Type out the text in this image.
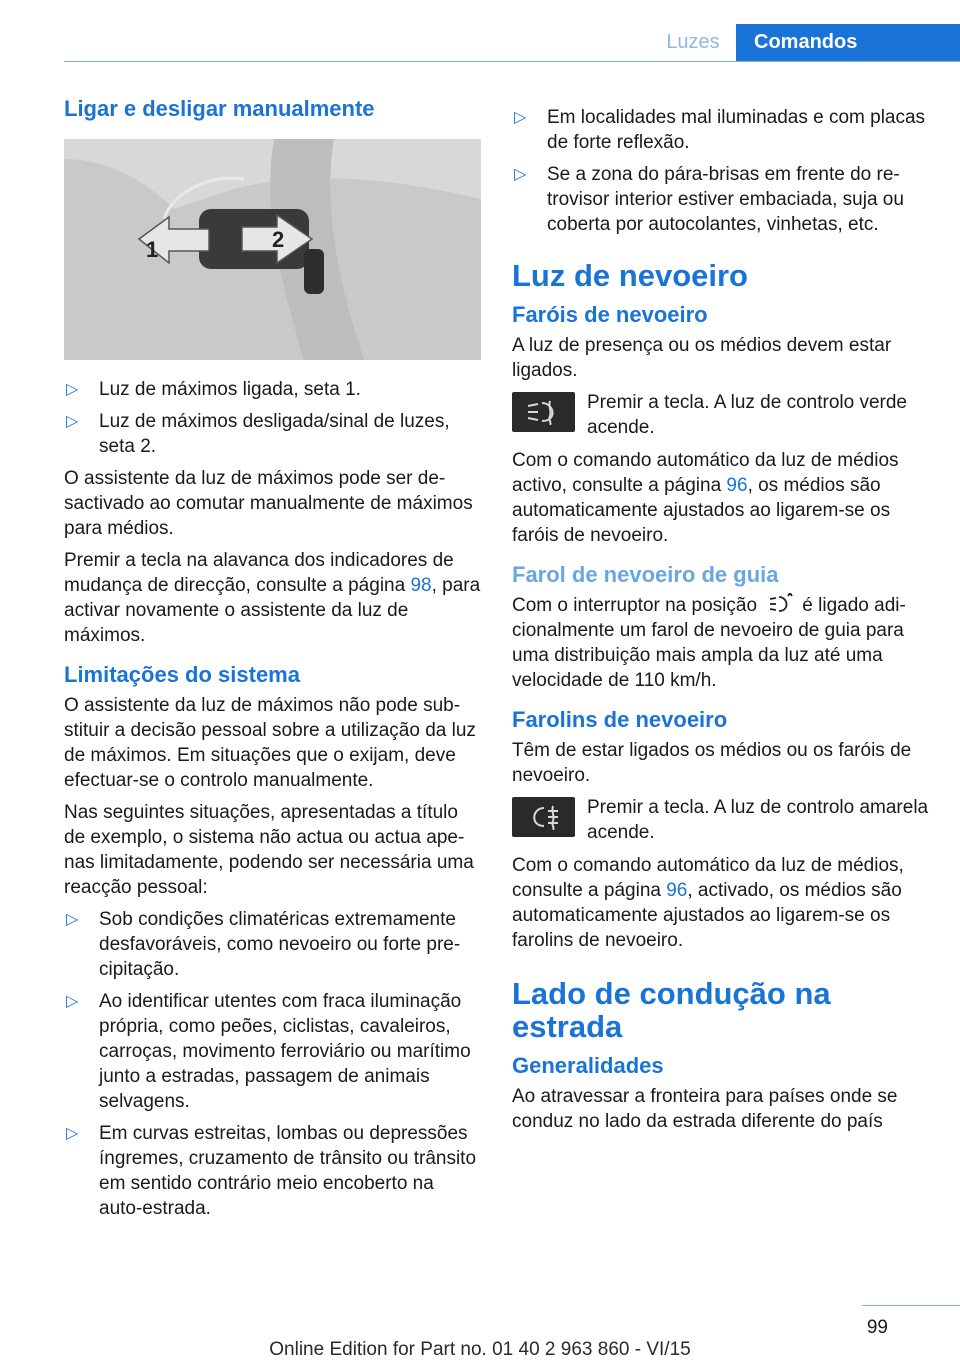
Luzes	Comandos
Ligar e desligar manualmente
1	2
▷ Luz de máximos ligada, seta 1.
▷ Luz de máximos desligada/sinal de luzes, seta 2.

O assistente da luz de máximos pode ser desactivado ao comutar manualmente de máximos para médios.

Premir a tecla na alavanca dos indicadores de mudança de direcção, consulte a página 98, para activar novamente o assistente da luz de máximos.

Limitações do sistema

O assistente da luz de máximos não pode substituir a decisão pessoal sobre a utilização da luz de máximos. Em situações que o exijam, deve efectuar-se o controlo manualmente.

Nas seguintes situações, apresentadas a título de exemplo, o sistema não actua ou actua apenas limitadamente, podendo ser necessária uma reacção pessoal:

▷ Sob condições climatéricas extremamente desfavoráveis, como nevoeiro ou forte precipitação.
▷ Ao identificar utentes com fraca iluminação própria, como peões, ciclistas, cavaleiros, carroças, movimento ferroviário ou marítimo junto a estradas, passagem de animais selvagens.
▷ Em curvas estreitas, lombas ou depressões íngremes, cruzamento de trânsito ou trânsito em sentido contrário meio encoberto na auto-estrada.
▷ Em localidades mal iluminadas e com placas de forte reflexão.
▷ Se a zona do pára-brisas em frente do retrovisor interior estiver embaciada, suja ou coberta por autocolantes, vinhetas, etc.
Luz de nevoeiro
Faróis de nevoeiro

A luz de presença ou os médios devem estar ligados.

Premir a tecla. A luz de controlo verde acende.

Com o comando automático da luz de médios activo, consulte a página 96, os médios são automaticamente ajustados ao ligarem-se os faróis de nevoeiro.

Farol de nevoeiro de guia

Com o interruptor na posição é ligado adicionalmente um farol de nevoeiro de guia para uma distribuição mais ampla da luz até uma velocidade de 110 km/h.

Farolins de nevoeiro

Têm de estar ligados os médios ou os faróis de nevoeiro.

Premir a tecla. A luz de controlo amarela acende.

Com o comando automático da luz de médios, consulte a página 96, activado, os médios são automaticamente ajustados ao ligarem-se os farolins de nevoeiro.

Lado de condução na estrada
Generalidades

Ao atravessar a fronteira para países onde se conduz no lado da estrada diferente do país

99
Online Edition for Part no. 01 40 2 963 860 - VI/15
